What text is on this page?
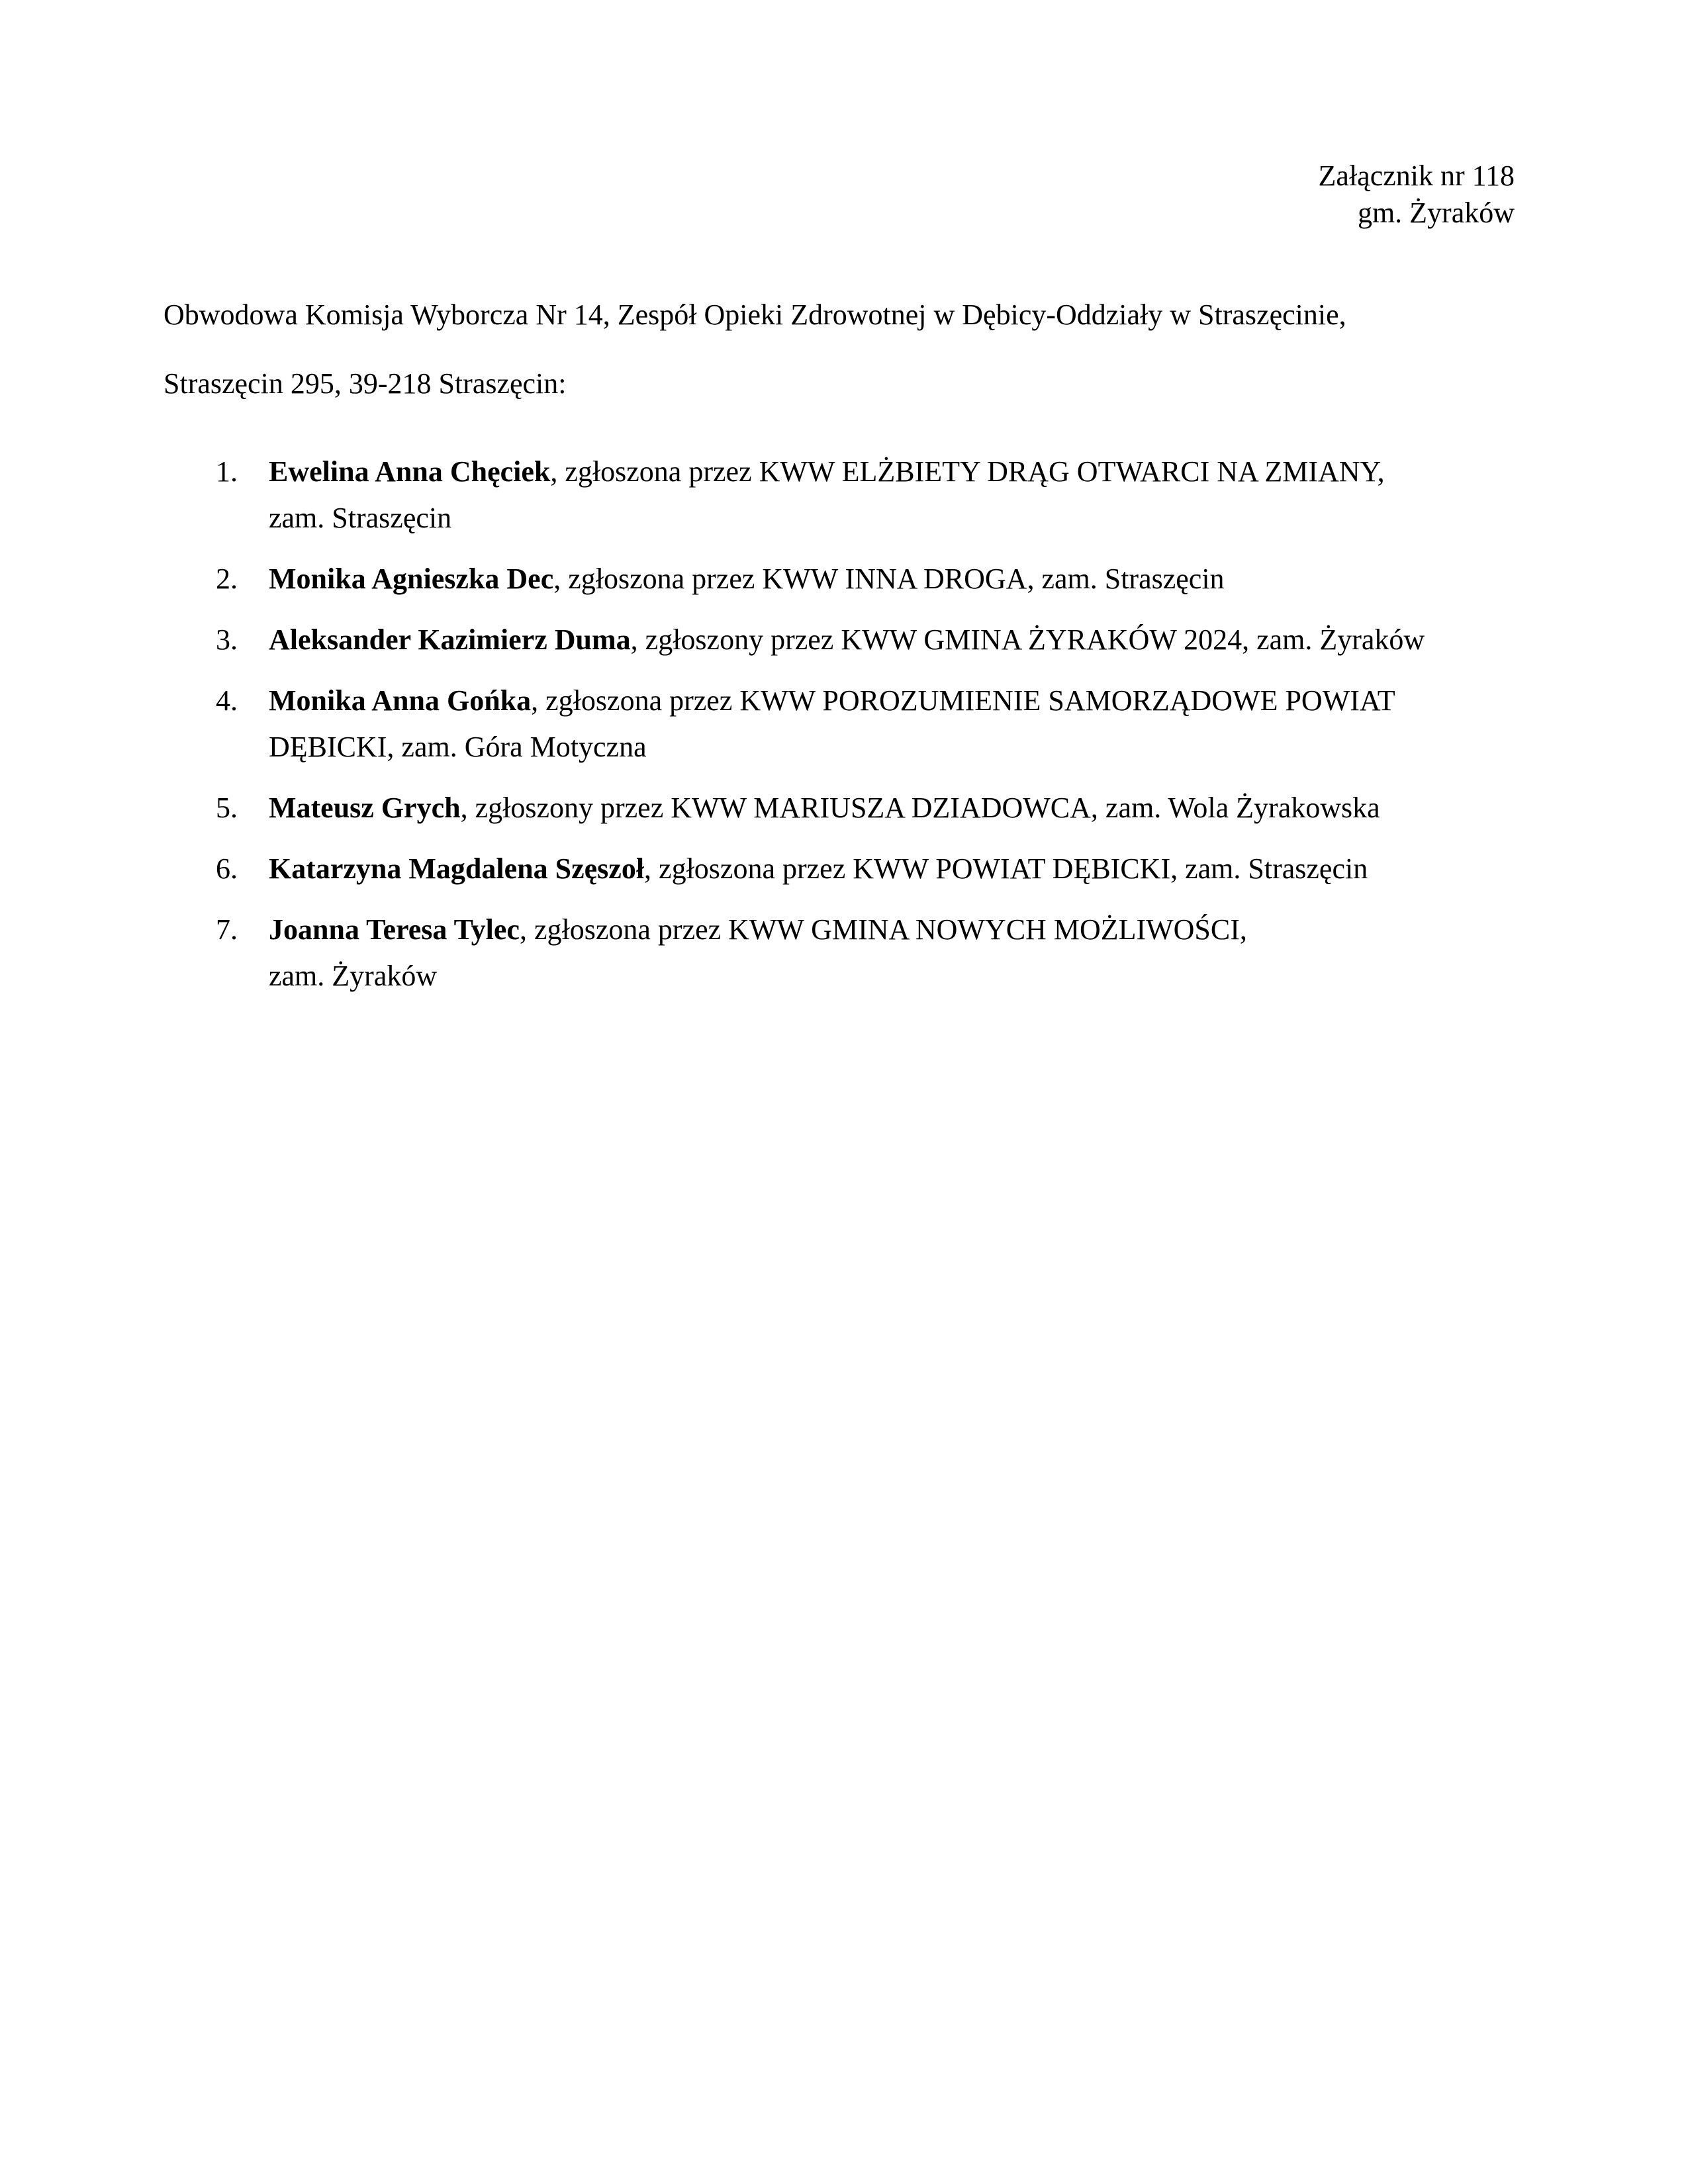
Załącznik nr 118
gm. Żyraków
Obwodowa Komisja Wyborcza Nr 14, Zespół Opieki Zdrowotnej w Dębicy-Oddziały w Straszęcinie,
Straszęcin 295, 39-218 Straszęcin:
1. Ewelina Anna Chęciek, zgłoszona przez KWW ELŻBIETY DRĄG OTWARCI NA ZMIANY,
zam. Straszęcin
2. Monika Agnieszka Dec, zgłoszona przez KWW INNA DROGA, zam. Straszęcin
3. Aleksander Kazimierz Duma, zgłoszony przez KWW GMINA ŻYRAKÓW 2024, zam. Żyraków
4. Monika Anna Gońka, zgłoszona przez KWW POROZUMIENIE SAMORZĄDOWE POWIAT
DĘBICKI, zam. Góra Motyczna
5. Mateusz Grych, zgłoszony przez KWW MARIUSZA DZIADOWCA, zam. Wola Żyrakowska
6. Katarzyna Magdalena Szęszoł, zgłoszona przez KWW POWIAT DĘBICKI, zam. Straszęcin
7. Joanna Teresa Tylec, zgłoszona przez KWW GMINA NOWYCH MOŻLIWOŚCI,
zam. Żyraków
